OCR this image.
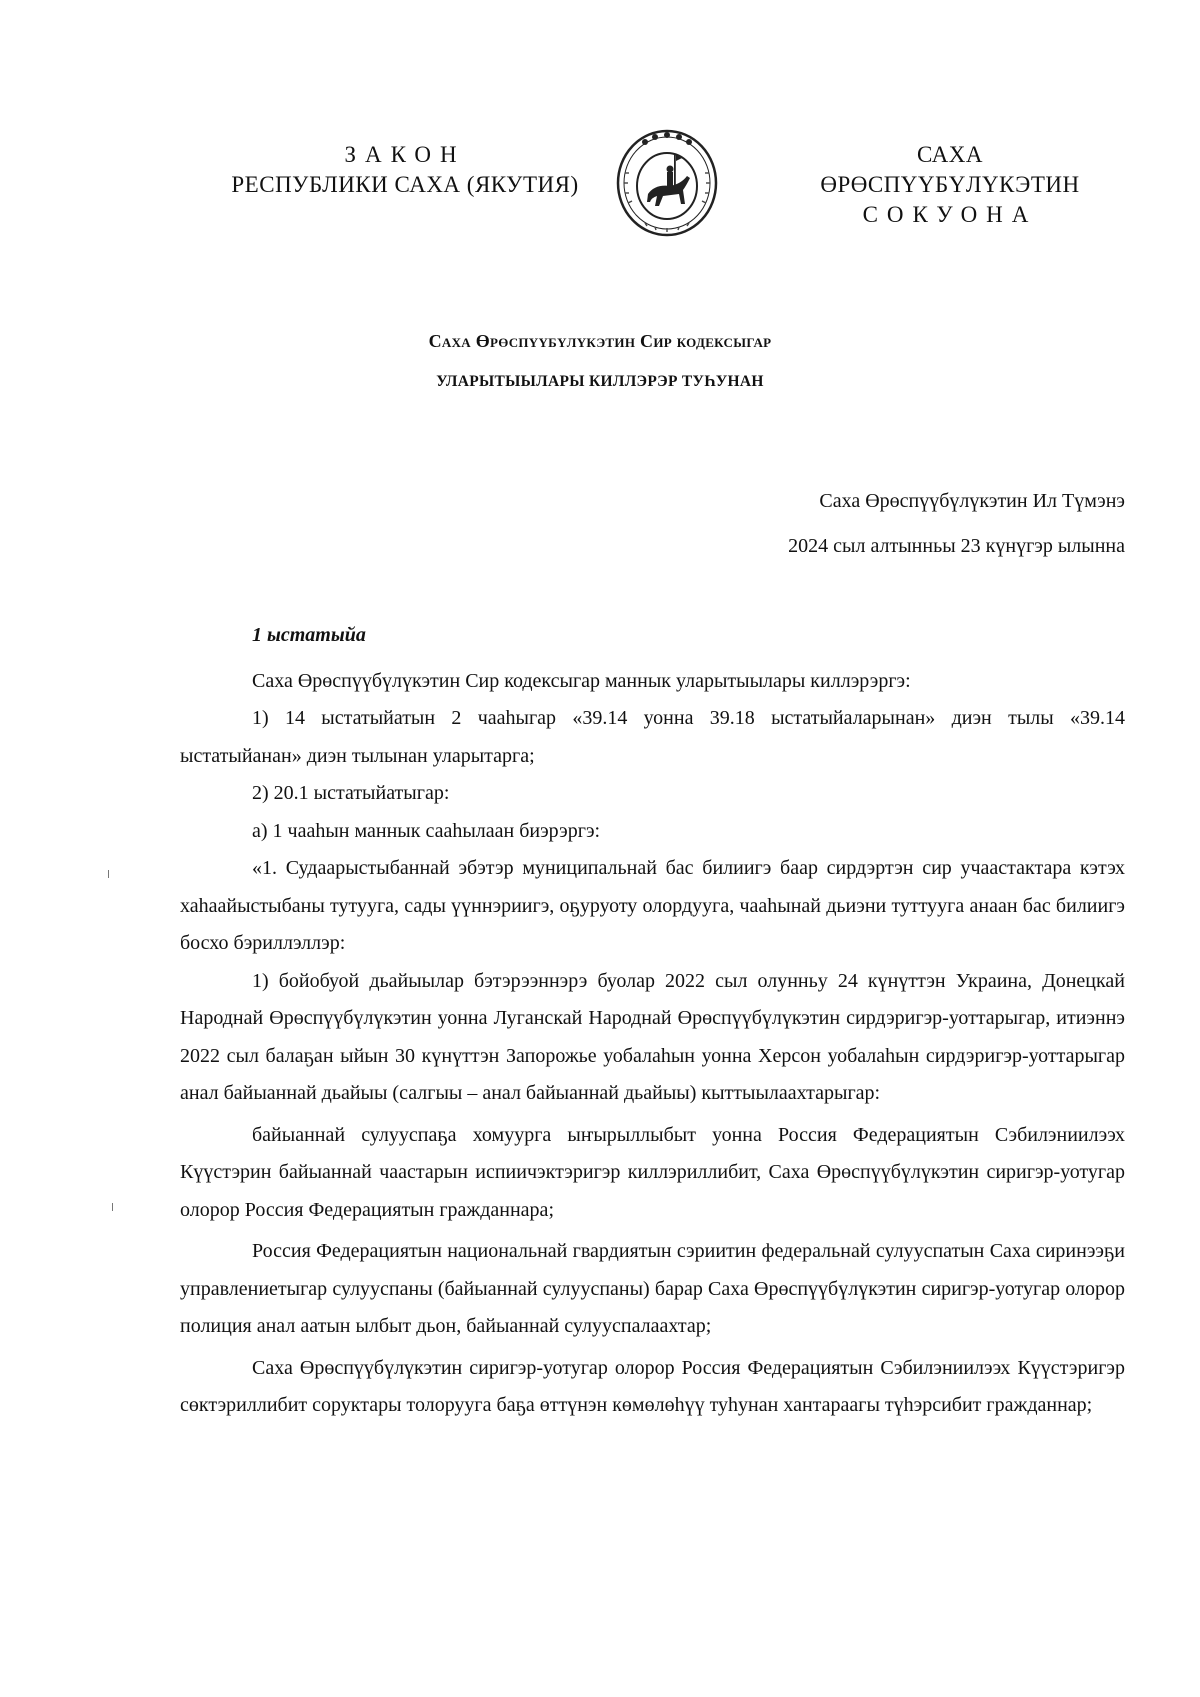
ЗАКОН
РЕСПУБЛИКИ САХА (ЯКУТИЯ)
САХА ӨРӨСПҮҮБҮЛҮКЭТИН
СОКУОНА
Саха Өрөспүүбүлүкэтин Сир кодексыгар
УЛАРЫТЫЫЛАРЫ КИЛЛЭРЭР ТУҺУНАН
Саха Өрөспүүбүлүкэтин Ил Түмэнэ
2024 сыл алтынньы 23 күнүгэр ылынна

1 ыстатыйа

Саха Өрөспүүбүлүкэтин Сир кодексыгар маннык уларытыылары киллэрэргэ:

1) 14 ыстатыйатын 2 чааһыгар «39.14 уонна 39.18 ыстатыйаларынан» диэн тылы «39.14 ыстатыйанан» диэн тылынан уларытарга;

2) 20.1 ыстатыйатыгар:

а) 1 чааһын маннык сааһылаан биэрэргэ:

«1. Судаарыстыбаннай эбэтэр муниципальнай бас билиигэ баар сирдэртэн сир учаастактара кэтэх хаһаайыстыбаны тутууга, сады үүннэриигэ, оҕуруоту олордууга, чааһынай дьиэни туттууга анаан бас билиигэ босхо бэриллэллэр:

1) бойобуой дьайыылар бэтэрээннэрэ буолар 2022 сыл олунньу 24 күнүттэн Украина, Донецкай Народнай Өрөспүүбүлүкэтин уонна Луганскай Народнай Өрөспүүбүлүкэтин сирдэригэр-уоттарыгар, итиэннэ 2022 сыл балаҕан ыйын 30 күнүттэн Запорожье уобалаһын уонна Херсон уобалаһын сирдэригэр-уоттарыгар анал байыаннай дьайыы (салгыы – анал байыаннай дьайыы) кыттыылаахтарыгар:

байыаннай сулууспаҕа хомуурга ыҥырыллыбыт уонна Россия Федерациятын Сэбилэниилээх Күүстэрин байыаннай чаастарын испиичэктэригэр киллэриллибит, Саха Өрөспүүбүлүкэтин сиригэр-уотугар олорор Россия Федерациятын гражданнара;

Россия Федерациятын национальнай гвардиятын сэриитин федеральнай сулууспатын Саха сиринээҕи управлениетыгар сулууспаны (байыаннай сулууспаны) барар Саха Өрөспүүбүлүкэтин сиригэр-уотугар олорор полиция анал аатын ылбыт дьон, байыаннай сулууспалаахтар;

Саха Өрөспүүбүлүкэтин сиригэр-уотугар олорор Россия Федерациятын Сэбилэниилээх Күүстэригэр сөктэриллибит соруктары толорууга баҕа өттүнэн көмөлөһүү туһунан хантараагы түһэрсибит гражданнар;
